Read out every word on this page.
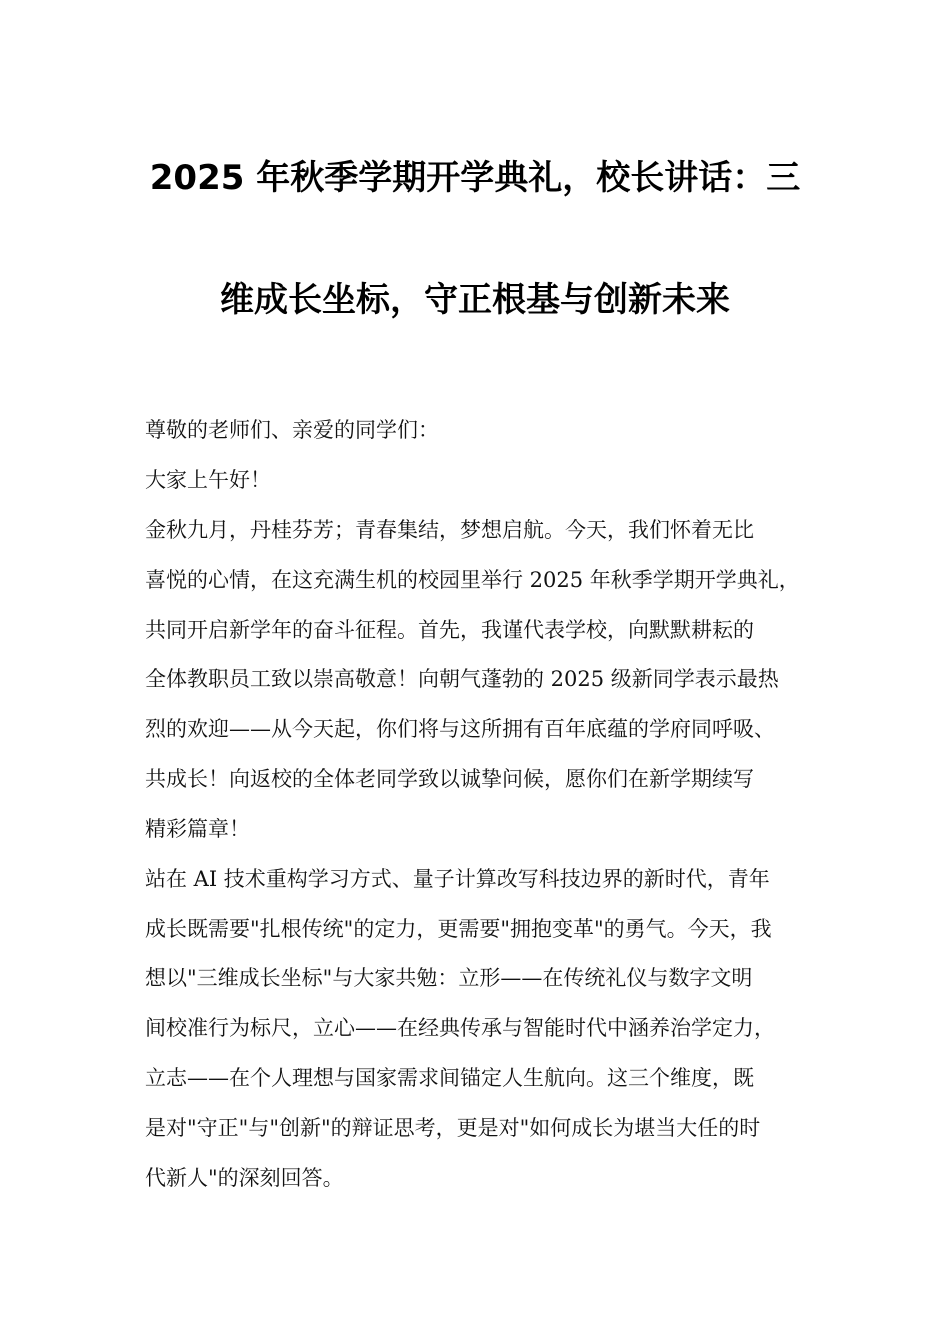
2025 年秋季学期开学典礼，校长讲话：三
维成长坐标，守正根基与创新未来
尊敬的老师们、亲爱的同学们：
大家上午好！
金秋九月，丹桂芬芳；青春集结，梦想启航。今天，我们怀着无比
喜悦的心情，在这充满生机的校园里举行 2025 年秋季学期开学典礼，
共同开启新学年的奋斗征程。首先，我谨代表学校，向默默耕耘的
全体教职员工致以崇高敬意！向朝气蓬勃的 2025 级新同学表示最热
烈的欢迎——从今天起，你们将与这所拥有百年底蕴的学府同呼吸、
共成长！向返校的全体老同学致以诚挚问候，愿你们在新学期续写
精彩篇章！
站在 AI 技术重构学习方式、量子计算改写科技边界的新时代，青年
成长既需要"扎根传统"的定力，更需要"拥抱变革"的勇气。今天，我
想以"三维成长坐标"与大家共勉：立形——在传统礼仪与数字文明
间校准行为标尺，立心——在经典传承与智能时代中涵养治学定力，
立志——在个人理想与国家需求间锚定人生航向。这三个维度，既
是对"守正"与"创新"的辩证思考，更是对"如何成长为堪当大任的时
代新人"的深刻回答。
